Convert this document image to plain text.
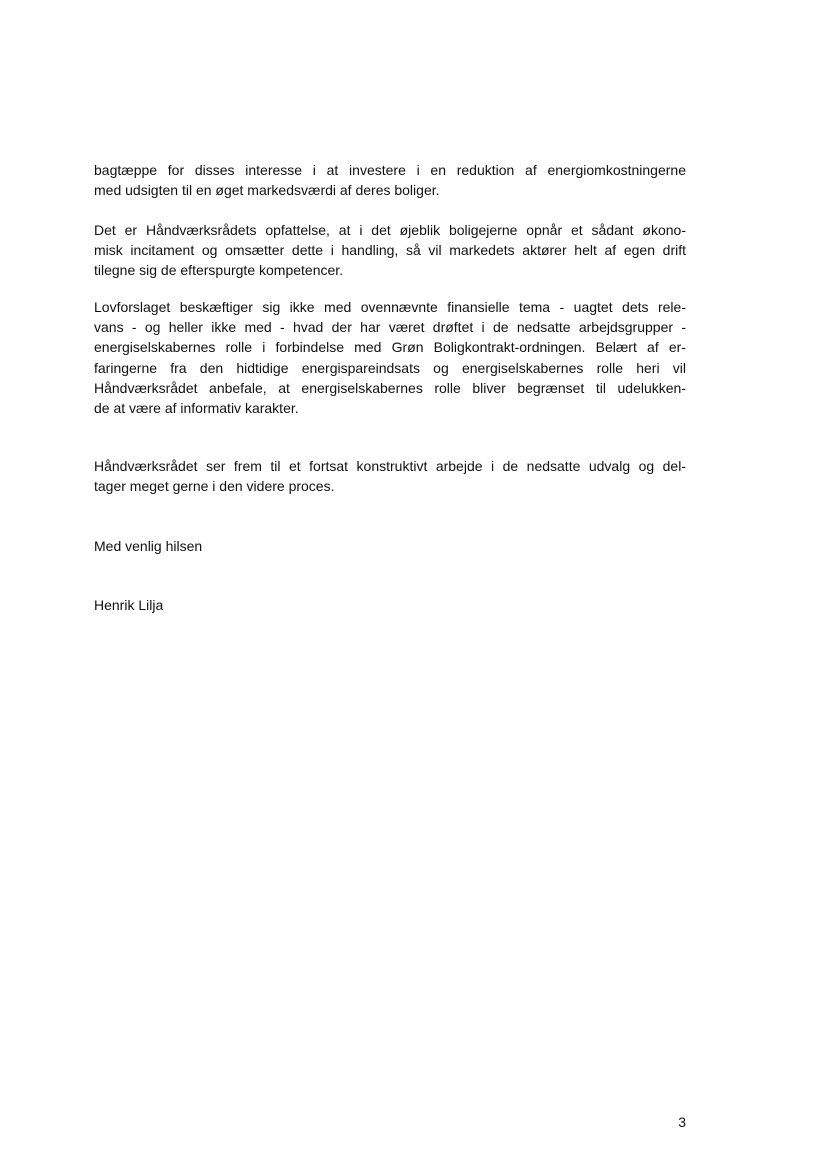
bagtæppe for disses interesse i at investere i en reduktion af energiomkostningerne
med udsigten til en øget markedsværdi af deres boliger.
Det er Håndværksrådets opfattelse, at i det øjeblik boligejerne opnår et sådant økono-
misk incitament og omsætter dette i handling, så vil markedets aktører helt af egen drift
tilegne sig de efterspurgte kompetencer.
Lovforslaget beskæftiger sig ikke med ovennævnte finansielle tema - uagtet dets rele-
vans - og heller ikke med - hvad der har været drøftet i de nedsatte arbejdsgrupper -
energiselskabernes rolle i forbindelse med Grøn Boligkontrakt-ordningen. Belært af er-
faringerne fra den hidtidige energispareindsats og energiselskabernes rolle heri vil
Håndværksrådet anbefale, at energiselskabernes rolle bliver begrænset til udelukken-
de at være af informativ karakter.
Håndværksrådet ser frem til et fortsat konstruktivt arbejde i de nedsatte udvalg og del-
tager meget gerne i den videre proces.

Med venlig hilsen

Henrik Lilja

3
